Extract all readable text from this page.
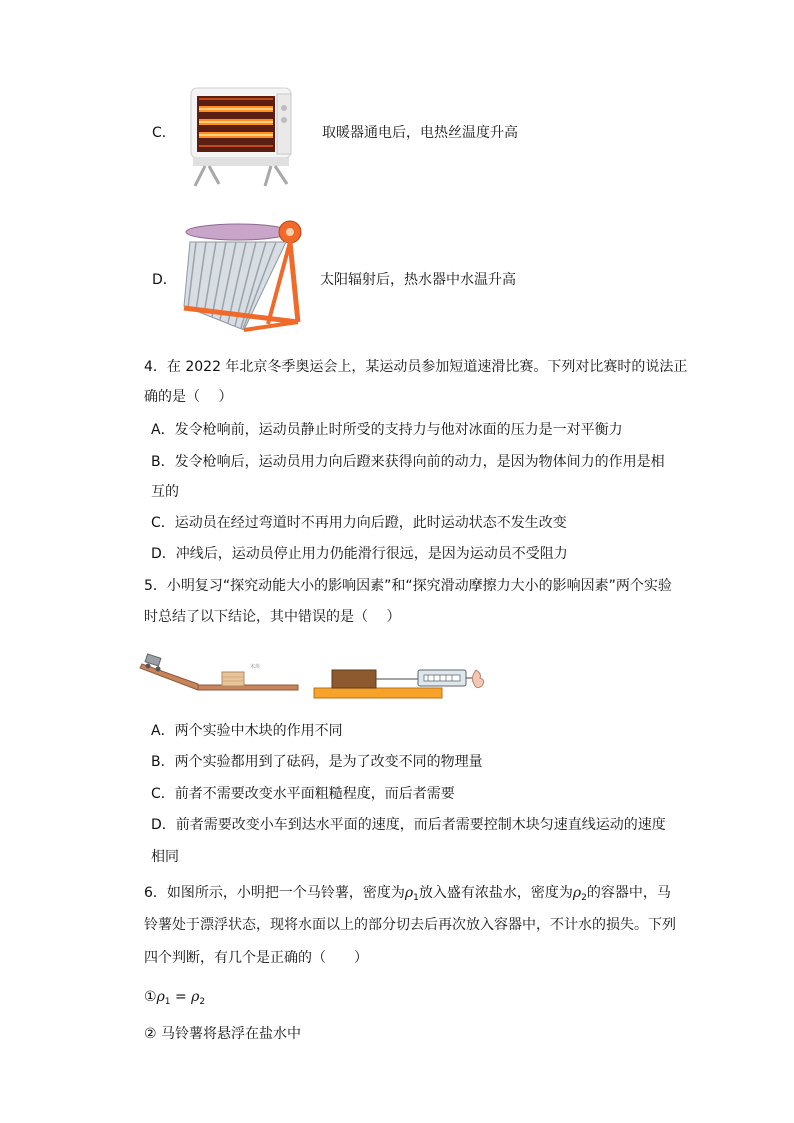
C．	取暖器通电后，电热丝温度升高
D．	太阳辐射后，热水器中水温升高
4．在 2022 年北京冬季奥运会上，某运动员参加短道速滑比赛。下列对比赛时的说法正
确的是（　 ）
A．发令枪响前，运动员静止时所受的支持力与他对冰面的压力是一对平衡力
B．发令枪响后，运动员用力向后蹬来获得向前的动力，是因为物体间力的作用是相
互的
C．运动员在经过弯道时不再用力向后蹬，此时运动状态不发生改变
D．冲线后，运动员停止用力仍能滑行很远，是因为运动员不受阻力
5．小明复习“探究动能大小的影响因素”和“探究滑动摩擦力大小的影响因素”两个实验
时总结了以下结论，其中错误的是（　 ）
木块
A．两个实验中木块的作用不同
B．两个实验都用到了砝码，是为了改变不同的物理量
C．前者不需要改变水平面粗糙程度，而后者需要
D．前者需要改变小车到达水平面的速度，而后者需要控制木块匀速直线运动的速度
相同
6．如图所示，小明把一个马铃薯，密度为$\rho_1$放入盛有浓盐水，密度为$\rho_2$的容器中，马
铃薯处于漂浮状态，现将水面以上的部分切去后再次放入容器中，不计水的损失。下列
四个判断，有几个是正确的（　　）
$①\rho_1 = \rho_2$
② 马铃薯将悬浮在盐水中
